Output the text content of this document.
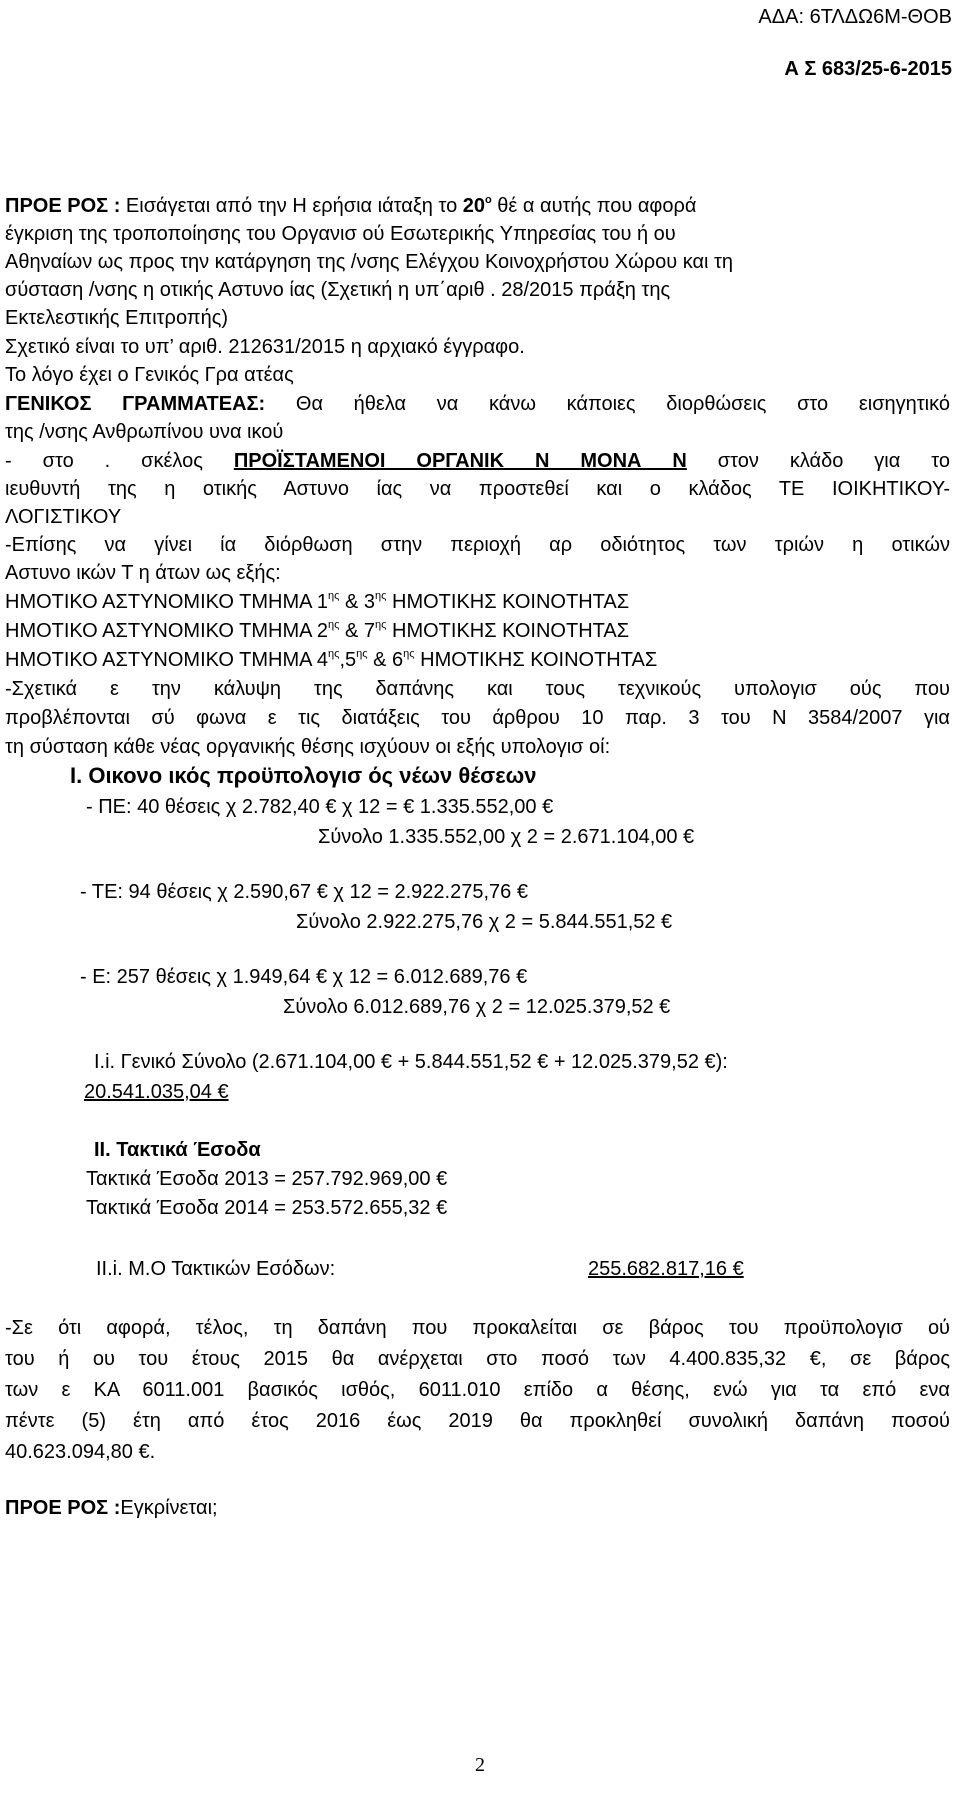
ΑΔΑ: 6ΤΛΔΩ6Μ-ΘΟΒ
Α Σ 683/25-6-2015
ΠΡΟΕ ΡΟΣ : Εισάγεται από την Η ερήσια ιάταξη το $20^o$ θέ α αυτής που αφορά
έγκριση της τροποποίησης του Οργανισ ού Εσωτερικής Υπηρεσίας του ή ου
Αθηναίων ως προς την κατάργηση της /νσης Ελέγχου Κοινοχρήστου Χώρου και τη
σύσταση /νσης η οτικής Αστυνο ίας (Σχετική η υπ΄αριθ . 28/2015 πράξη της
Εκτελεστικής Επιτροπής)
Σχετικό είναι το υπ’ αριθ. 212631/2015 η αρχιακό έγγραφο.
Το λόγο έχει ο Γενικός Γρα ατέας
ΓΕΝΙΚΟΣ ΓΡΑΜΜΑΤΕΑΣ: Θα ήθελα να κάνω κάποιες διορθώσεις στο εισηγητικό
της /νσης Ανθρωπίνου υνα ικού
- στο . σκέλος ΠΡΟΪΣΤΑΜΕΝΟΙ ΟΡΓΑΝΙΚ Ν ΜΟΝΑ Ν στον κλάδο για το
ιευθυντή της η οτικής Αστυνο ίας να προστεθεί και ο κλάδος ΤΕ ΙΟΙΚΗΤΙΚΟΥ-
ΛΟΓΙΣΤΙΚΟΥ
-Επίσης να γίνει ία διόρθωση στην περιοχή αρ οδιότητος των τριών η οτικών
Αστυνο ικών Τ η άτων ως εξής:
ΗΜΟΤΙΚΟ ΑΣΤΥΝΟΜΙΚΟ ΤΜΗΜΑ $1^{\eta\varsigma}$ & $3^{\eta\varsigma}$ ΗΜΟΤΙΚΗΣ ΚΟΙΝΟΤΗΤΑΣ
ΗΜΟΤΙΚΟ ΑΣΤΥΝΟΜΙΚΟ ΤΜΗΜΑ $2^{\eta\varsigma}$ & $7^{\eta\varsigma}$ ΗΜΟΤΙΚΗΣ ΚΟΙΝΟΤΗΤΑΣ
ΗΜΟΤΙΚΟ ΑΣΤΥΝΟΜΙΚΟ ΤΜΗΜΑ $4^{\eta\varsigma},5^{\eta\varsigma}$ & $6^{\eta\varsigma}$ ΗΜΟΤΙΚΗΣ ΚΟΙΝΟΤΗΤΑΣ
-Σχετικά ε την κάλυψη της δαπάνης και τους τεχνικούς υπολογισ ούς που
προβλέπονται σύ φωνα ε τις διατάξεις του άρθρου 10 παρ. 3 του Ν 3584/2007 για
τη σύσταση κάθε νέας οργανικής θέσης ισχύουν οι εξής υπολογισ οί:
Ι. Οικονο ικός προϋπολογισ ός νέων θέσεων
- ΠΕ: 40 θέσεις χ 2.782,40 € χ 12 = € 1.335.552,00 €
Σύνολο 1.335.552,00 χ 2 = 2.671.104,00 €
- ΤΕ: 94 θέσεις χ 2.590,67 € χ 12 = 2.922.275,76 €
Σύνολο 2.922.275,76 χ 2 = 5.844.551,52 €
- Ε: 257 θέσεις χ 1.949,64 € χ 12 = 6.012.689,76 €
Σύνολο 6.012.689,76 χ 2 = 12.025.379,52 €
Ι.i. Γενικό Σύνολο (2.671.104,00 € + 5.844.551,52 € + 12.025.379,52 €):
20.541.035,04 €
ΙΙ. Τακτικά Έσοδα
Τακτικά Έσοδα 2013 = 257.792.969,00 €
Τακτικά Έσοδα 2014 = 253.572.655,32 €
ΙΙ.i. Μ.Ο Τακτικών Εσόδων:	255.682.817,16 €
-Σε ότι αφορά, τέλος, τη δαπάνη που προκαλείται σε βάρος του προϋπολογισ ού
του ή ου του έτους 2015 θα ανέρχεται στο ποσό των 4.400.835,32 €, σε βάρος
των ε ΚΑ 6011.001 βασικός ισθός, 6011.010 επίδο α θέσης, ενώ για τα επό ενα
πέντε (5) έτη από έτος 2016 έως 2019 θα προκληθεί συνολική δαπάνη ποσού
40.623.094,80 €.
ΠΡΟΕ ΡΟΣ :Εγκρίνεται;
2
